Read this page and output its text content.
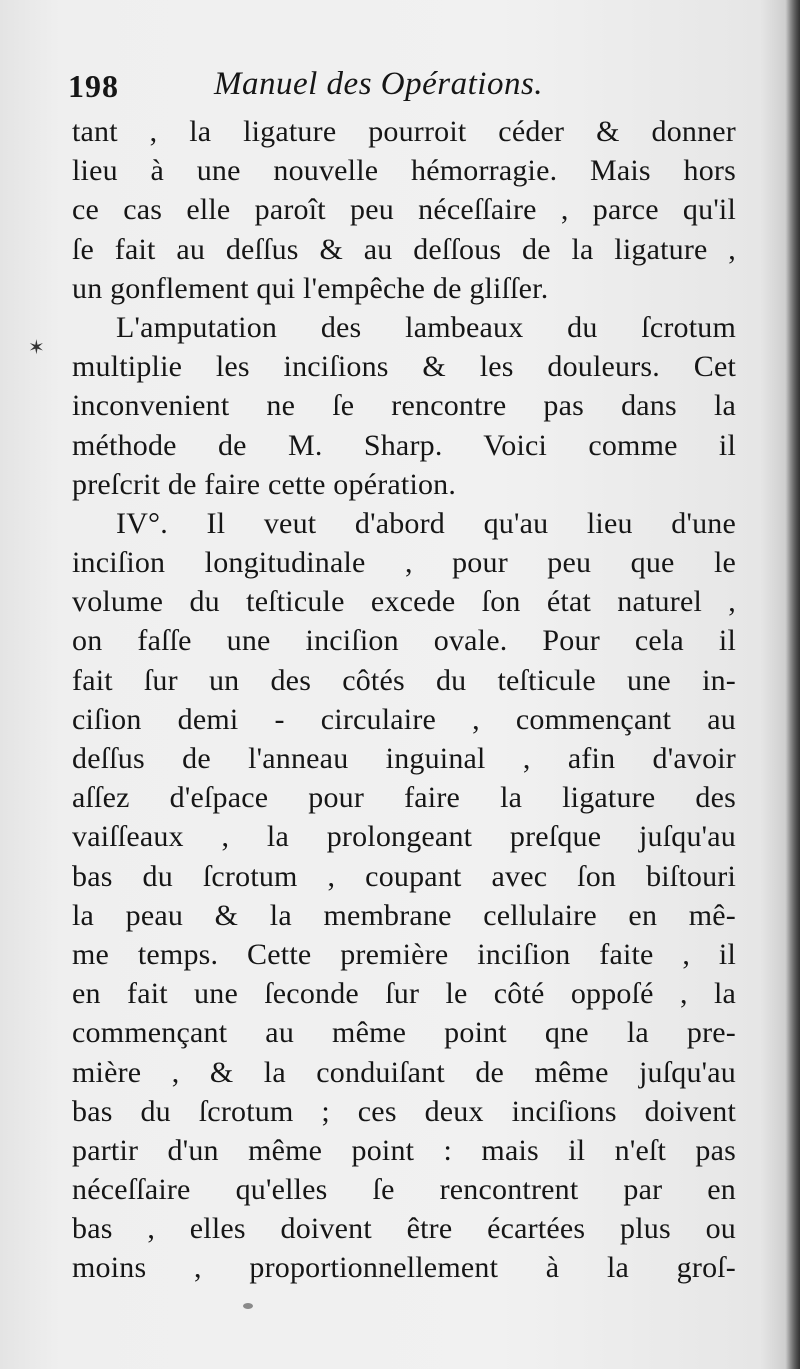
✶
198	Manuel des Opérations.
tant , la ligature pourroit céder & donner
lieu à une nouvelle hémorragie. Mais hors
ce cas elle paroît peu néceſſaire , parce qu'il
ſe fait au deſſus & au deſſous de la ligature ,
un gonflement qui l'empêche de gliſſer.
L'amputation des lambeaux du ſcrotum
multiplie les inciſions & les douleurs. Cet
inconvenient ne ſe rencontre pas dans la
méthode de M. Sharp. Voici comme il
preſcrit de faire cette opération.
IV°. Il veut d'abord qu'au lieu d'une
inciſion longitudinale , pour peu que le
volume du teſticule excede ſon état naturel ,
on faſſe une inciſion ovale. Pour cela il
fait ſur un des côtés du teſticule une in-
ciſion demi - circulaire , commençant au
deſſus de l'anneau inguinal , afin d'avoir
aſſez d'eſpace pour faire la ligature des
vaiſſeaux , la prolongeant preſque juſqu'au
bas du ſcrotum , coupant avec ſon biſtouri
la peau & la membrane cellulaire en mê-
me temps. Cette première inciſion faite , il
en fait une ſeconde ſur le côté oppoſé , la
commençant au même point qne la pre-
mière , & la conduiſant de même juſqu'au
bas du ſcrotum ; ces deux inciſions doivent
partir d'un même point : mais il n'eſt pas
néceſſaire qu'elles ſe rencontrent par en
bas , elles doivent être écartées plus ou
moins , proportionnellement à la groſ-
